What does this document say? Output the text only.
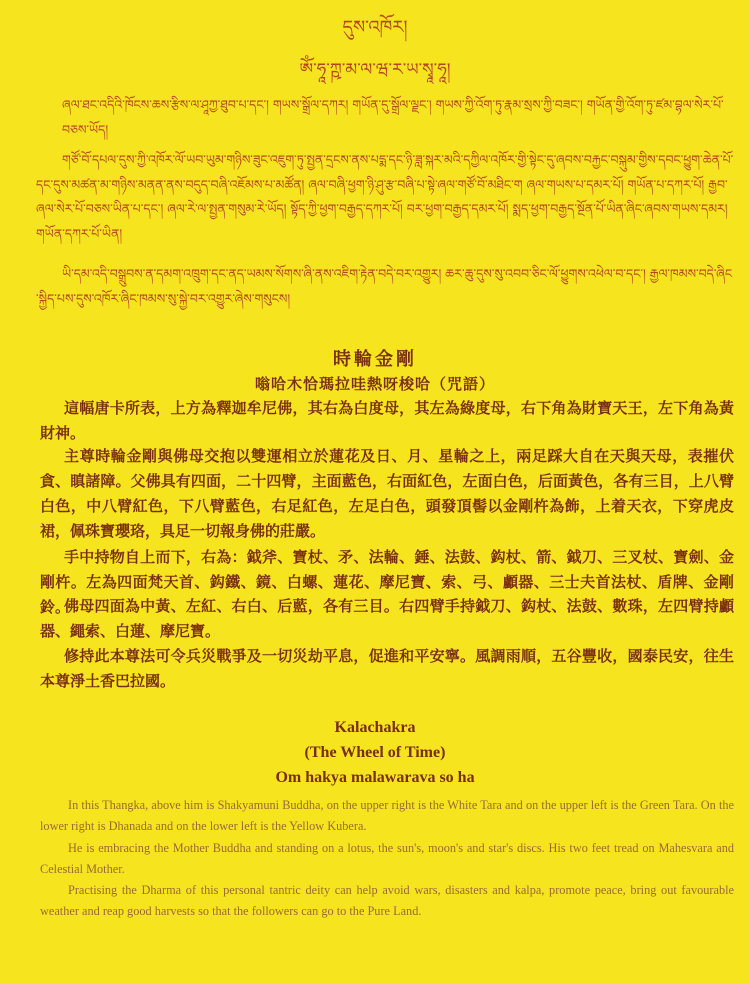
དུས་འཁོར།
ཨོཾ་ཧཱ་ཀྵ་མ་ལ་ཝ་ར་ཡ་སྭཱ་ཧཱ།
ཞལ་ཐང་འདིའི་ཁོངས་ཆས་རྩིས་ལ་ཤཱཀྱ་ཐུབ་པ་དང་། གཡས་སྒྲོལ་དཀར། གཡོན་དུ་སྒྲོལ་ལྗང་། གཡས་ཀྱི་འོག་ཏུ་རྣམ་སྲས་ཀྱི་བཟང་། གཡོན་གྱི་འོག་ཏུ་ཛམ་བྷལ་སེར་པོ་བཅས་ཡོད།
གཙོ་བོ་དཔལ་དུས་ཀྱི་འཁོར་ལོ་ཡབ་ཡུམ་གཉིས་ཟུང་འཇུག་ཏུ་སྤྱན་དྲངས་ནས་པདྨ་དང་ཉི་ཟླ་སྐར་མའི་དཀྱིལ་འཁོར་གྱི་སྟེང་དུ་ཞབས་བརྐྱང་བསྐུམ་གྱིས་དབང་ཕྱུག་ཆེན་པོ་དང་དུས་མཚན་མ་གཉིས་མནན་ནས་བདུད་བཞི་འཇོམས་པ་མཚོན། ཞལ་བཞི་ཕྱག་ཉི་ཤུ་རྩ་བཞི་པ་སྟེ་ཞལ་གཙོ་བོ་མཐིང་ག ཞལ་གཡས་པ་དམར་པོ། གཡོན་པ་དཀར་པོ། རྒྱབ་ཞལ་སེར་པོ་བཅས་ཡིན་པ་དང་། ཞལ་རེ་ལ་སྤྱན་གསུམ་རེ་ཡོད། སྟོད་ཀྱི་ཕྱག་བརྒྱད་དཀར་པོ། བར་ཕྱག་བརྒྱད་དམར་པོ། སྨད་ཕྱག་བརྒྱད་སྔོན་པོ་ཡིན་ཞིང་ཞབས་གཡས་དམར། གཡོན་དཀར་པོ་ཡིན།
ཡི་དམ་འདི་བསྒྲུབས་ན་དམག་འཁྲུག་དང་ནད་ཡམས་སོགས་ཞི་ནས་འཇིག་རྟེན་བདེ་བར་འགྱུར། ཆར་ཆུ་དུས་སུ་འབབ་ཅིང་ལོ་ཕྱུགས་འཕེལ་བ་དང་། རྒྱལ་ཁམས་བདེ་ཞིང་སྐྱིད་པས་དུས་འཁོར་ཞིང་ཁམས་སུ་སྐྱེ་བར་འགྱུར་ཞེས་གསུངས།
時輪金剛
嗡哈木恰瑪拉哇熱呀梭哈（咒語）
這幅唐卡所表，上方為釋迦牟尼佛，其右為白度母，其左為綠度母，右下角為財寶天王，左下角為黃財神。
主尊時輪金剛與佛母交抱以雙運相立於蓮花及日、月、星輪之上，兩足踩大自在天與天母，表摧伏貪、瞋諸障。父佛具有四面，二十四臂，主面藍色，右面紅色，左面白色，后面黃色，各有三目，上八臂白色，中八臂紅色，下八臂藍色，右足紅色，左足白色，頭發頂髻以金剛杵為飾，上着天衣，下穿虎皮裙，佩珠寶瓔珞，具足一切報身佛的莊嚴。
手中持物自上而下，右為：鉞斧、寶杖、矛、法輪、錘、法鼓、鈎杖、箭、鉞刀、三叉杖、寶劍、金剛杵。左為四面梵天首、鈎鐵、鏡、白螺、蓮花、摩尼寶、索、弓、顱器、三士夫首法杖、盾牌、金剛鈴。
佛母四面為中黃、左紅、右白、后藍，各有三目。右四臂手持鉞刀、鈎杖、法鼓、數珠，左四臂持顱器、繩索、白蓮、摩尼寶。
修持此本尊法可令兵災戰爭及一切災劫平息，促進和平安寧。風調雨順，五谷豐收，國泰民安，往生本尊淨土香巴拉國。
Kalachakra
(The Wheel of Time)
Om hakya malawarava so ha
In this Thangka, above him is Shakyamuni Buddha, on the upper right is the White Tara and on the upper left is the Green Tara. On the lower right is Dhanada and on the lower left is the Yellow Kubera.
He is embracing the Mother Buddha and standing on a lotus, the sun's, moon's and star's discs. His two feet tread on Mahesvara and Celestial Mother.
Practising the Dharma of this personal tantric deity can help avoid wars, disasters and kalpa, promote peace, bring out favourable weather and reap good harvests so that the followers can go to the Pure Land.
